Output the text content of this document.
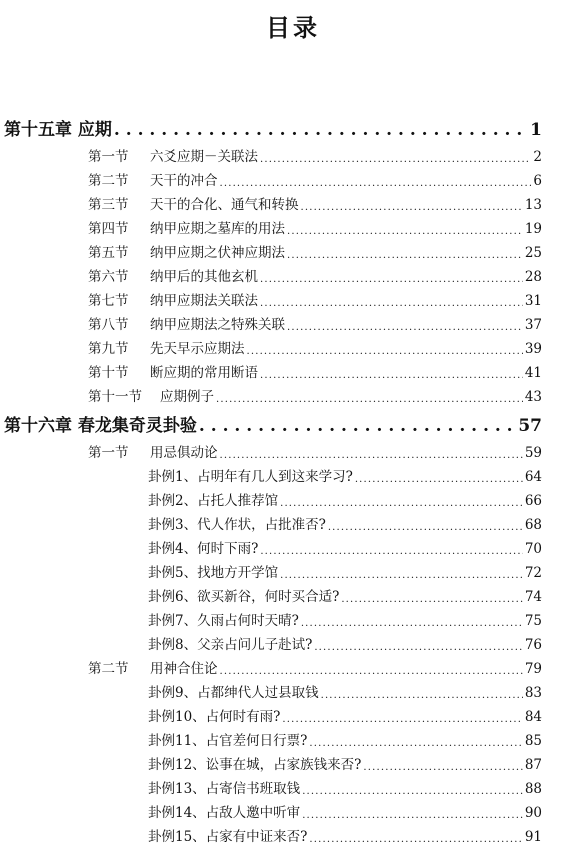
目录
第十五章 应期 . . .	1
第一节 六爻应期－关联法 . . .	2
第二节 天干的冲合 . . .	6
第三节 天干的合化、通气和转换 . . .	13
第四节 纳甲应期之墓库的用法 . . .	19
第五节 纳甲应期之伏神应期法 . . .	25
第六节 纳甲后的其他玄机 . . .	28
第七节 纳甲应期法关联法 . . .	31
第八节 纳甲应期法之特殊关联 . . .	37
第九节 先天早示应期法 . . .	39
第十节 断应期的常用断语 . . .	41
第十一节 应期例子 . . .	43
第十六章 春龙集奇灵卦验 . . .	57
第一节 用忌俱动论 . . .	59
卦例1、占明年有几人到这来学习? . . .	64
卦例2、占托人推荐馆 . . .	66
卦例3、代人作状，占批准否? . . .	68
卦例4、何时下雨? . . .	70
卦例5、找地方开学馆 . . .	72
卦例6、欲买新谷，何时买合适? . . .	74
卦例7、久雨占何时天晴? . . .	75
卦例8、父亲占问儿子赴试? . . .	76
第二节 用神合住论 . . .	79
卦例9、占都绅代人过县取钱 . . .	83
卦例10、占何时有雨? . . .	84
卦例11、占官差何日行票? . . .	85
卦例12、讼事在城，占家族钱来否? . . .	87
卦例13、占寄信书班取钱 . . .	88
卦例14、占敌人邀中听审 . . .	90
卦例15、占家有中证来否? . . .	91
